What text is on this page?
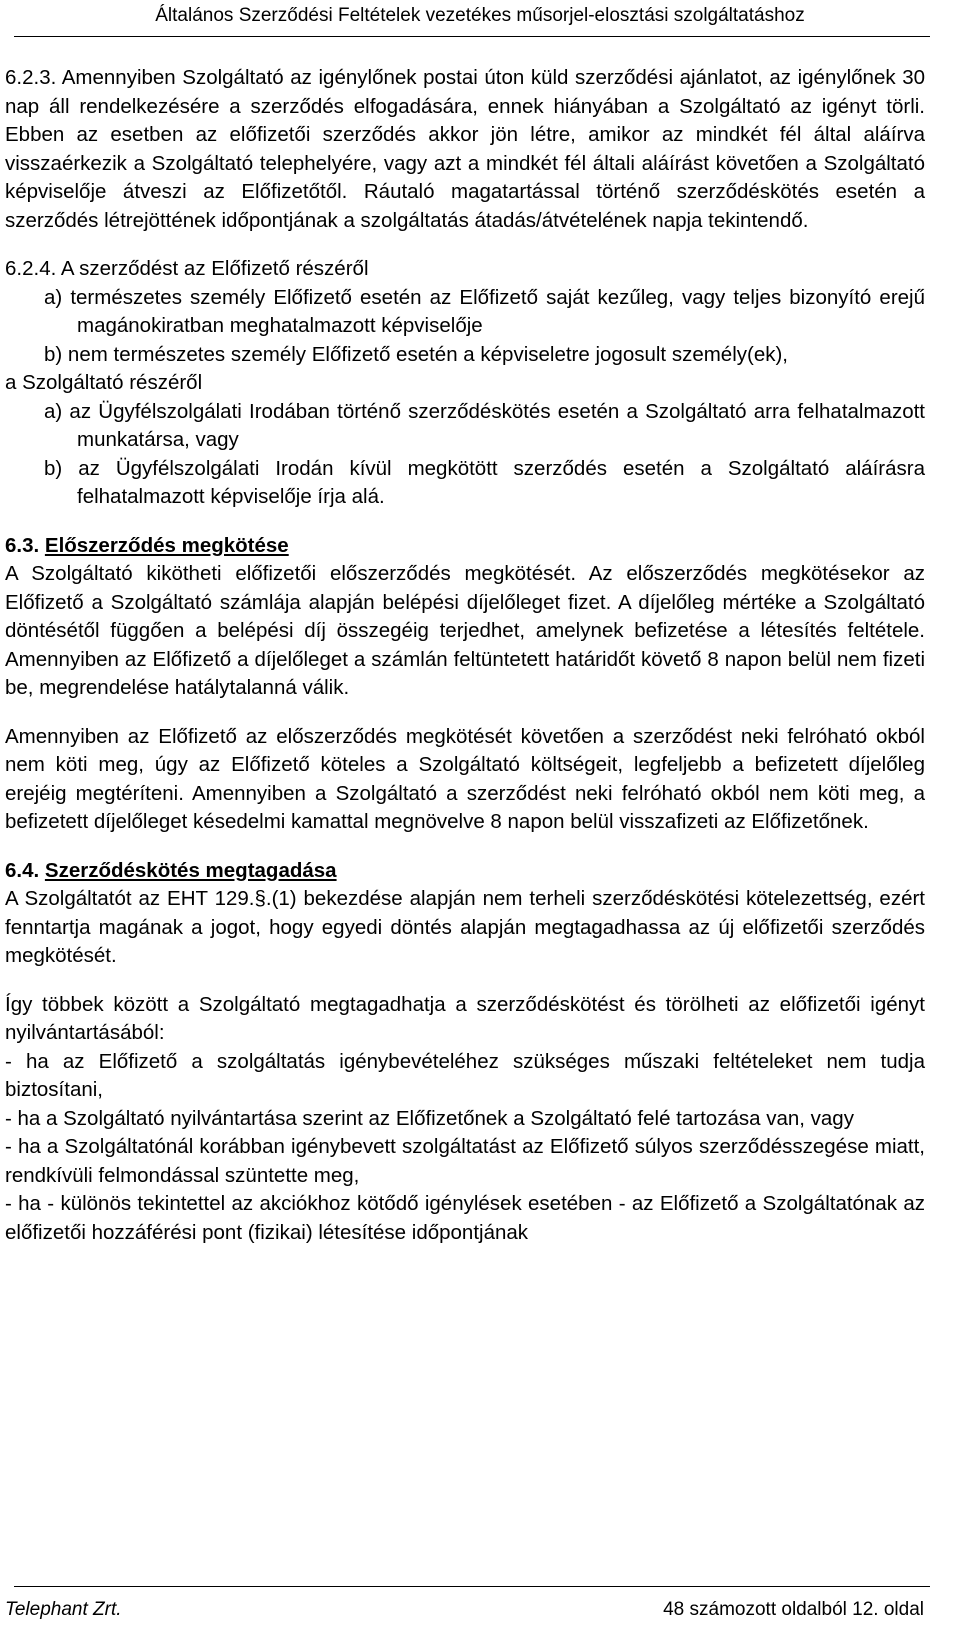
Általános Szerződési Feltételek vezetékes műsorjel-elosztási szolgáltatáshoz

6.2.3. Amennyiben Szolgáltató az igénylőnek postai úton küld szerződési ajánlatot, az igénylőnek 30 nap áll rendelkezésére a szerződés elfogadására, ennek hiányában a Szolgáltató az igényt törli. Ebben az esetben az előfizetői szerződés akkor jön létre, amikor az mindkét fél által aláírva visszaérkezik a Szolgáltató telephelyére, vagy azt a mindkét fél általi aláírást követően a Szolgáltató képviselője átveszi az Előfizetőtől. Ráutaló magatartással történő szerződéskötés esetén a szerződés létrejöttének időpontjának a szolgáltatás átadás/átvételének napja tekintendő.

6.2.4. A szerződést az Előfizető részéről

a) természetes személy Előfizető esetén az Előfizető saját kezűleg, vagy teljes bizonyító erejű magánokiratban meghatalmazott képviselője

b) nem természetes személy Előfizető esetén a képviseletre jogosult személy(ek),

a Szolgáltató részéről

a) az Ügyfélszolgálati Irodában történő szerződéskötés esetén a Szolgáltató arra felhatalmazott munkatársa, vagy

b) az Ügyfélszolgálati Irodán kívül megkötött szerződés esetén a Szolgáltató aláírásra felhatalmazott képviselője írja alá.

6.3. Előszerződés megkötése

A Szolgáltató kikötheti előfizetői előszerződés megkötését. Az előszerződés megkötésekor az Előfizető a Szolgáltató számlája alapján belépési díjelőleget fizet. A díjelőleg mértéke a Szolgáltató döntésétől függően a belépési díj összegéig terjedhet, amelynek befizetése a létesítés feltétele. Amennyiben az Előfizető a díjelőleget a számlán feltüntetett határidőt követő 8 napon belül nem fizeti be, megrendelése hatálytalanná válik.

Amennyiben az Előfizető az előszerződés megkötését követően a szerződést neki felróható okból nem köti meg, úgy az Előfizető köteles a Szolgáltató költségeit, legfeljebb a befizetett díjelőleg erejéig megtéríteni. Amennyiben a Szolgáltató a szerződést neki felróható okból nem köti meg, a befizetett díjelőleget késedelmi kamattal megnövelve 8 napon belül visszafizeti az Előfizetőnek.

6.4. Szerződéskötés megtagadása

A Szolgáltatót az EHT 129.§.(1) bekezdése alapján nem terheli szerződéskötési kötelezettség, ezért fenntartja magának a jogot, hogy egyedi döntés alapján megtagadhassa az új előfizetői szerződés megkötését.

Így többek között a Szolgáltató megtagadhatja a szerződéskötést és törölheti az előfizetői igényt nyilvántartásából:

- ha az Előfizető a szolgáltatás igénybevételéhez szükséges műszaki feltételeket nem tudja biztosítani,

- ha a Szolgáltató nyilvántartása szerint az Előfizetőnek a Szolgáltató felé tartozása van, vagy

- ha a Szolgáltatónál korábban igénybevett szolgáltatást az Előfizető súlyos szerződésszegése miatt, rendkívüli felmondással szüntette meg,

- ha - különös tekintettel az akciókhoz kötődő igénylések esetében - az Előfizető a Szolgáltatónak az előfizetői hozzáférési pont (fizikai) létesítése időpontjának

Telephant Zrt.	48 számozott oldalból 12. oldal
